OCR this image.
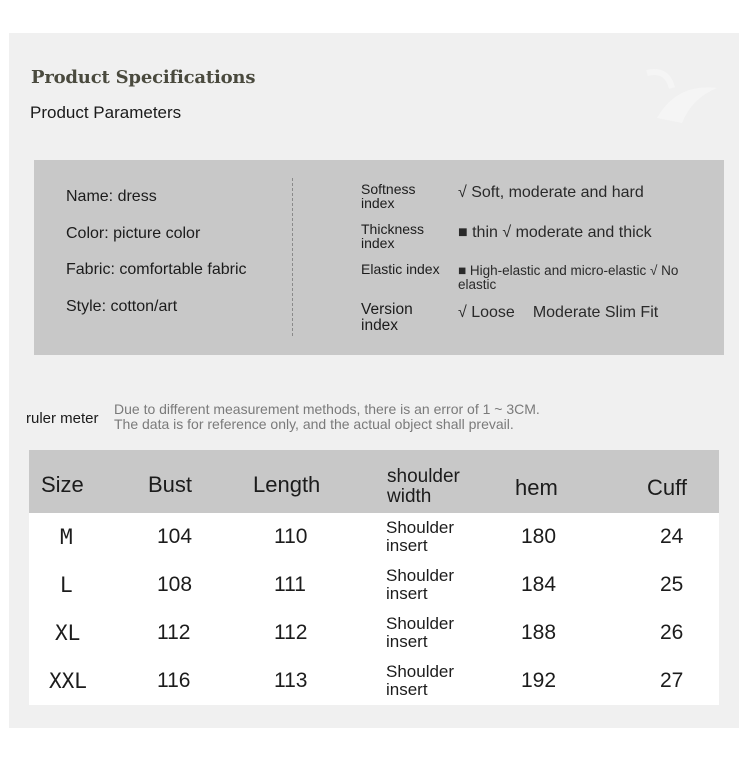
Product Specifications
Product Parameters
Name: dress
Color: picture color
Fabric: comfortable fabric
Style: cotton/art
Softness index
√ Soft, moderate and hard
Thickness index
■ thin √ moderate and thick
Elastic index ■ High-elastic and micro-elastic √ No elastic
Version index
√ Loose Moderate Slim Fit
ruler meter
Due to different measurement methods, there is an error of 1 ~ 3CM.
The data is for reference only, and the actual object shall prevail.
Size	Bust	Length	shoulder width	hem	Cuff
M	104	110	Shoulder insert	180	24
L	108	111	Shoulder insert	184	25
XL	112	112	Shoulder insert	188	26
XXL	116	113	Shoulder insert	192	27
